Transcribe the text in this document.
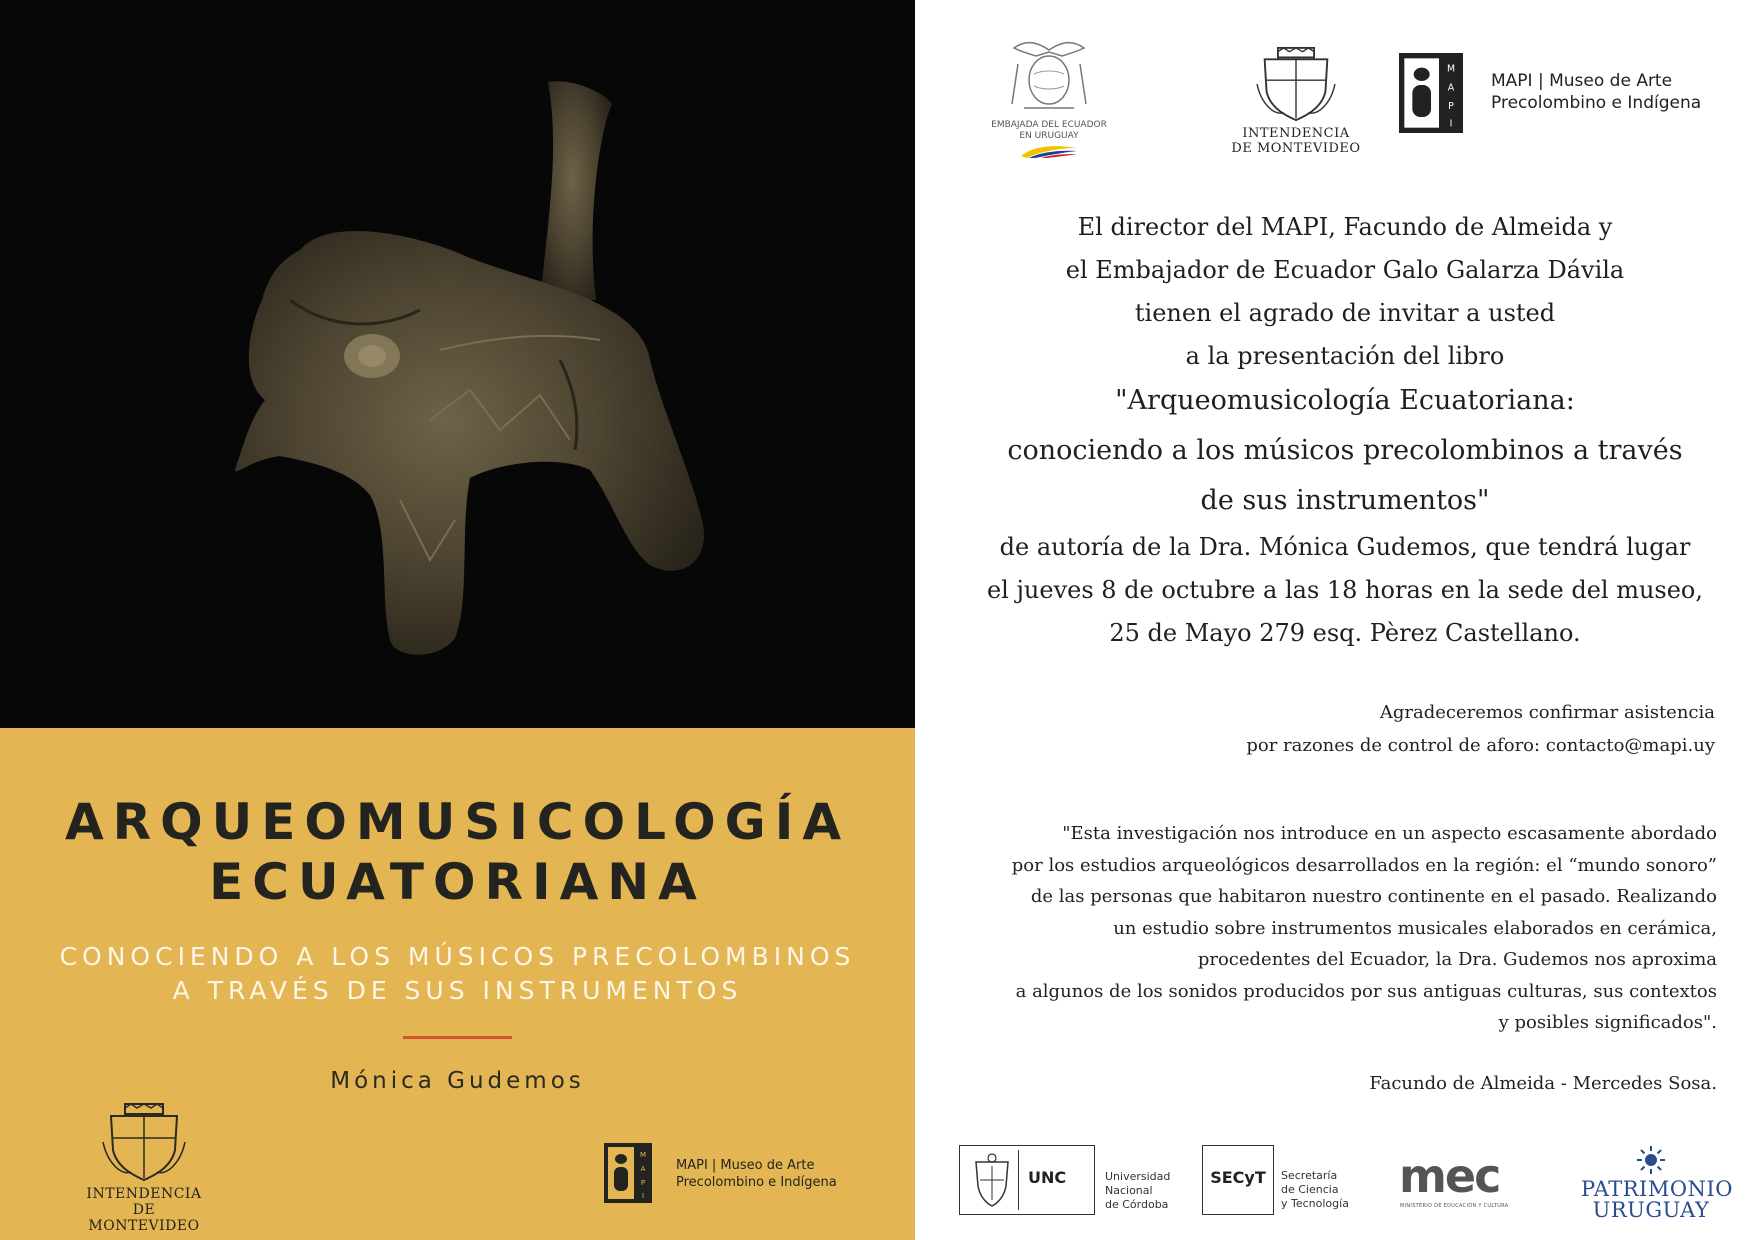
ARQUEOMUSICOLOGÍA
ECUATORIANA
CONOCIENDO A LOS MÚSICOS PRECOLOMBINOS
A TRAVÉS DE SUS INSTRUMENTOS
Mónica Gudemos
INTENDENCIA
DE MONTEVIDEO
M
A
P
I
MAPI | Museo de Arte
Precolombino e Indígena
EMBAJADA DEL ECUADOR
EN URUGUAY	INTENDENCIA
DE MONTEVIDEO
M
A
P
I
MAPI | Museo de Arte
Precolombino e Indígena
El director del MAPI, Facundo de Almeida y
el Embajador de Ecuador Galo Galarza Dávila
tienen el agrado de invitar a usted
a la presentación del libro
"Arqueomusicología Ecuatoriana:
conociendo a los músicos precolombinos a través
de sus instrumentos"
de autoría de la Dra. Mónica Gudemos, que tendrá lugar
el jueves 8 de octubre a las 18 horas en la sede del museo,
25 de Mayo 279 esq. Pèrez Castellano.
Agradeceremos confirmar asistencia
por razones de control de aforo: contacto@mapi.uy
"Esta investigación nos introduce en un aspecto escasamente abordado
por los estudios arqueológicos desarrollados en la región: el “mundo sonoro”
de las personas que habitaron nuestro continente en el pasado. Realizando
un estudio sobre instrumentos musicales elaborados en cerámica,
procedentes del Ecuador, la Dra. Gudemos nos aproxima
a algunos de los sonidos producidos por sus antiguas culturas, sus contextos
y posibles significados".
Facundo de Almeida - Mercedes Sosa.
UNC	Universidad
Nacional
de Córdoba
SECyT	Secretaría
de Ciencia
y Tecnología
mec
MINISTERIO DE EDUCACIÓN Y CULTURA
PATRIMONIO
URUGUAY
